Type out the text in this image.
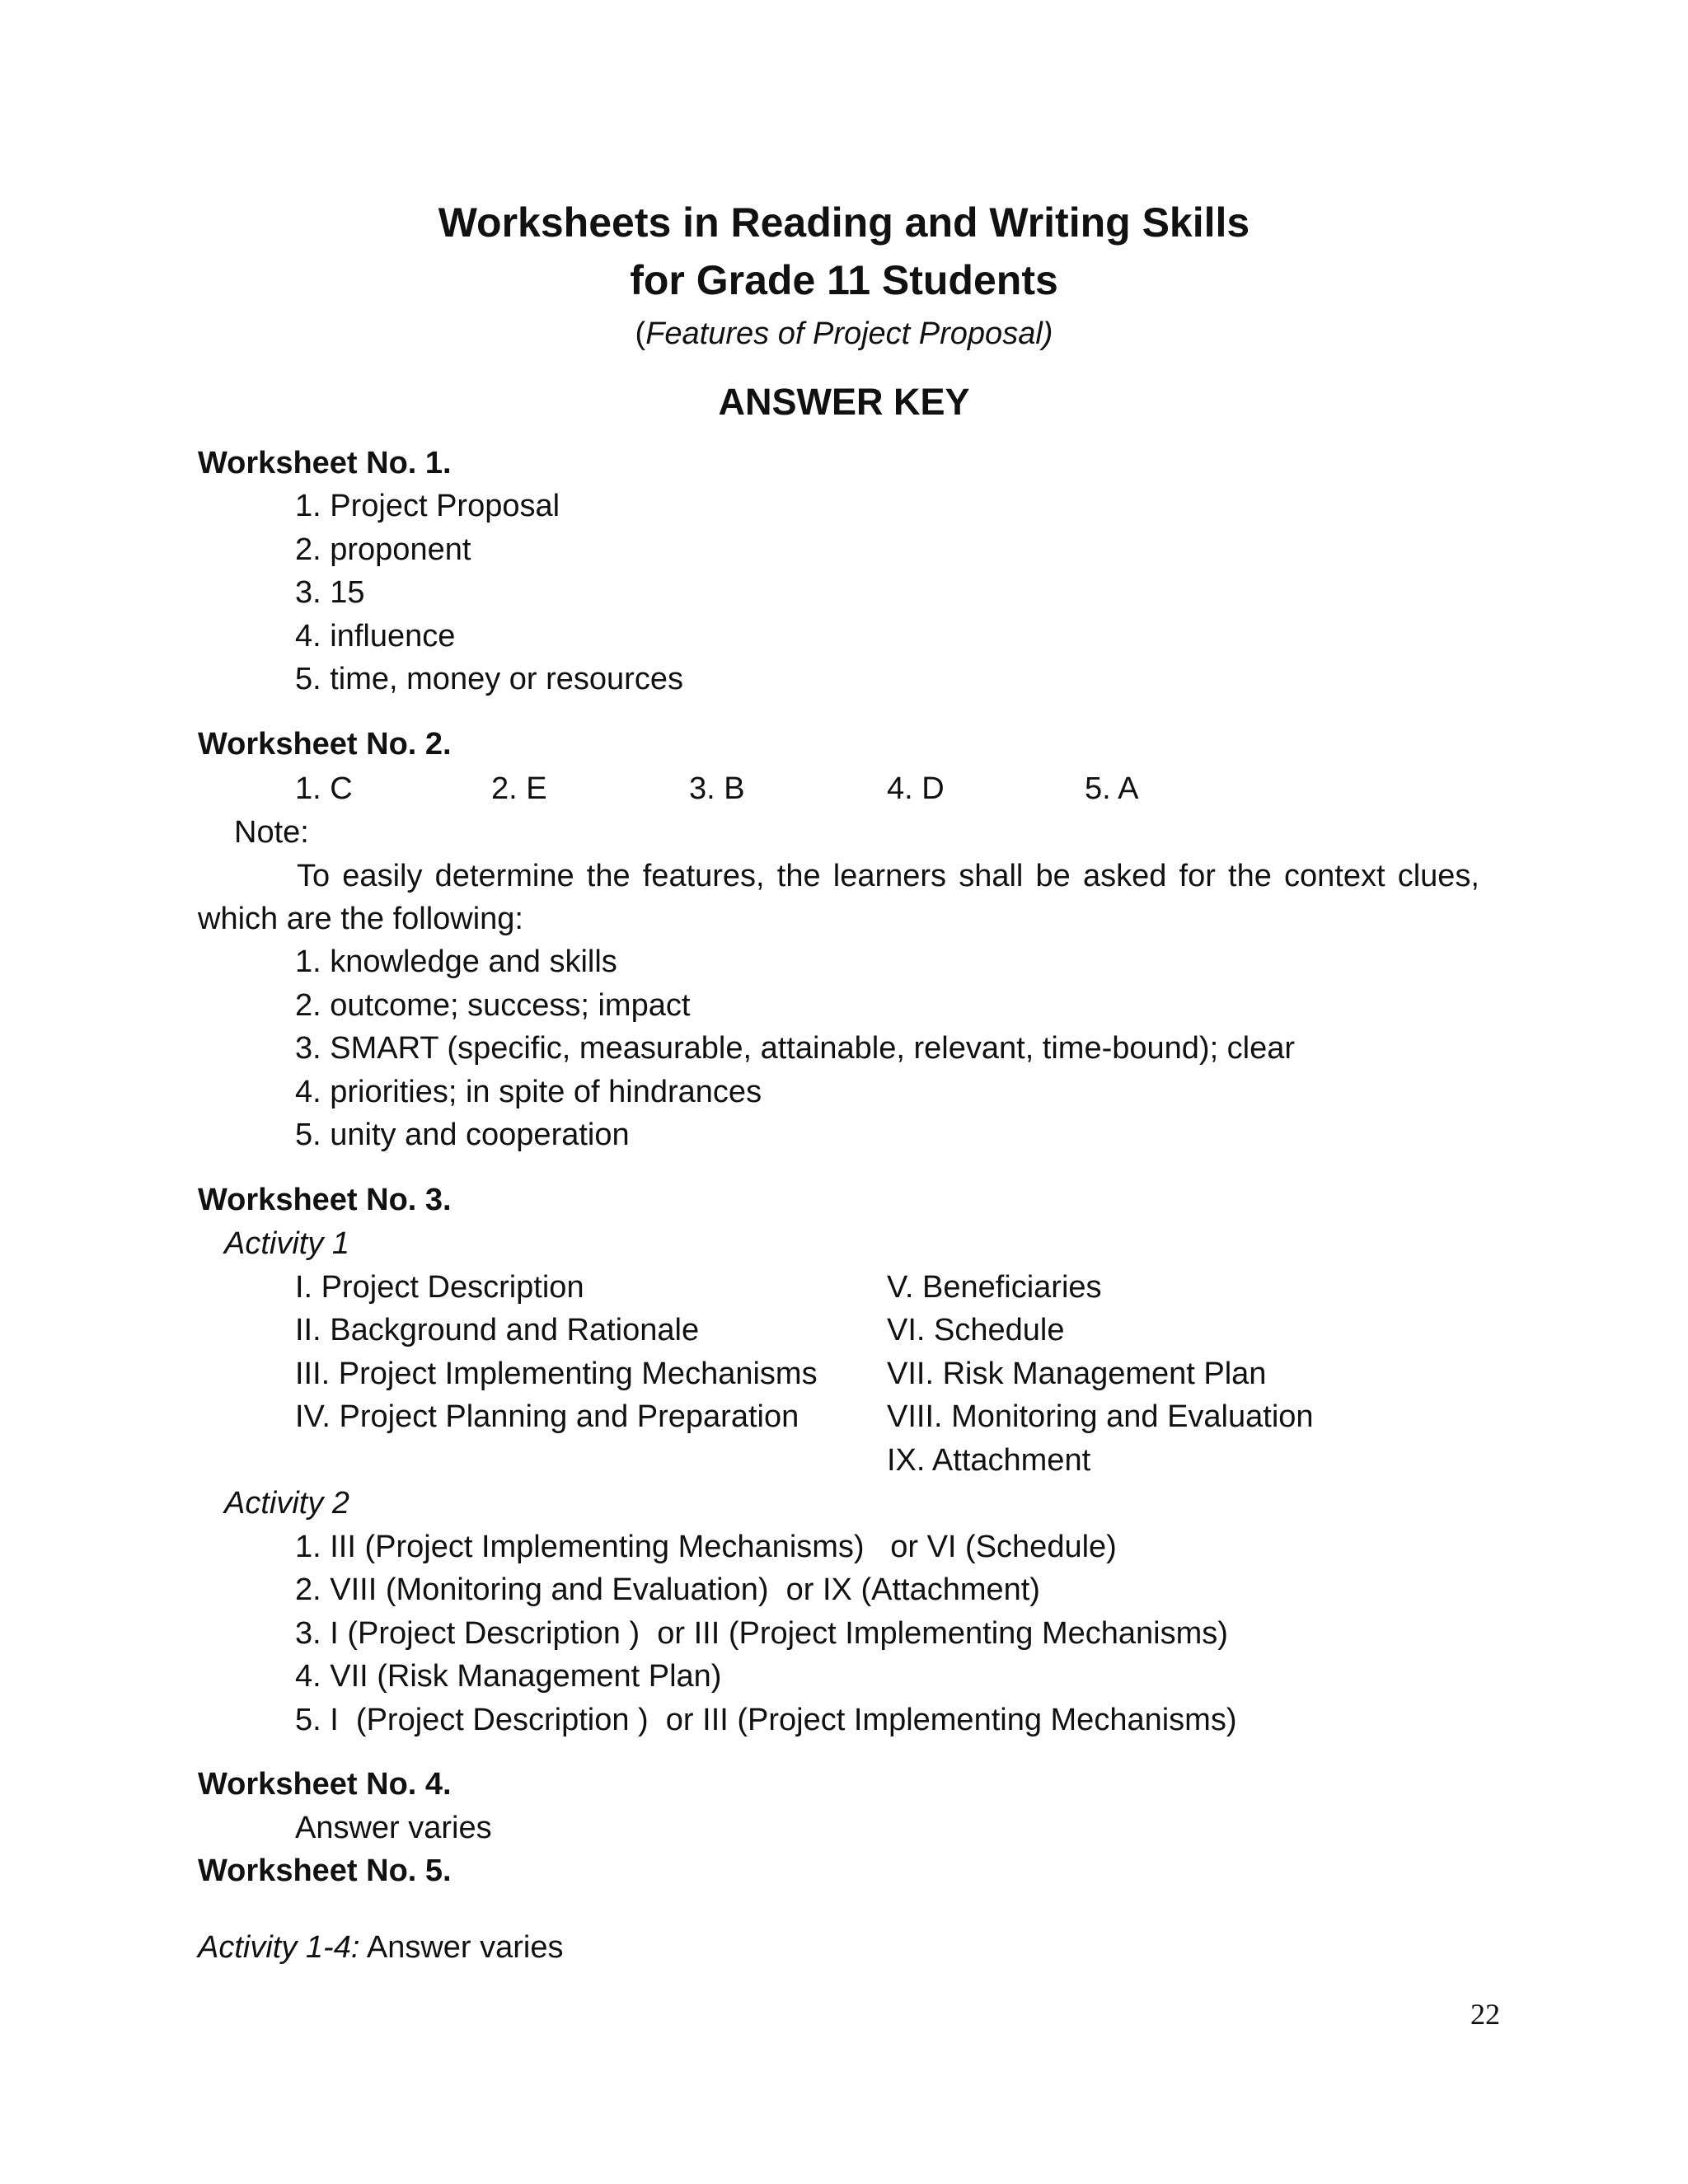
Worksheets in Reading and Writing Skills
for Grade 11 Students
(Features of Project Proposal)
ANSWER KEY
Worksheet No. 1.
1. Project Proposal
2. proponent
3. 15
4. influence
5. time, money or resources
Worksheet No. 2.
1. C	2. E	3. B	4. D	5. A
Note:
To easily determine the features, the learners shall be asked for the context clues, which are the following:
1. knowledge and skills
2. outcome; success; impact
3. SMART (specific, measurable, attainable, relevant, time-bound); clear
4. priorities; in spite of hindrances
5. unity and cooperation
Worksheet No. 3.
Activity 1
I. Project Description
II. Background and Rationale
III. Project Implementing Mechanisms
IV. Project Planning and Preparation
V. Beneficiaries
VI. Schedule
VII. Risk Management Plan
VIII. Monitoring and Evaluation
IX. Attachment
Activity 2
1. III (Project Implementing Mechanisms)   or VI (Schedule)
2. VIII (Monitoring and Evaluation)  or IX (Attachment)
3. I (Project Description )  or III (Project Implementing Mechanisms)
4. VII (Risk Management Plan)
5. I  (Project Description )  or III (Project Implementing Mechanisms)
Worksheet No. 4.
Answer varies
Worksheet No. 5.
Activity 1-4: Answer varies
22
